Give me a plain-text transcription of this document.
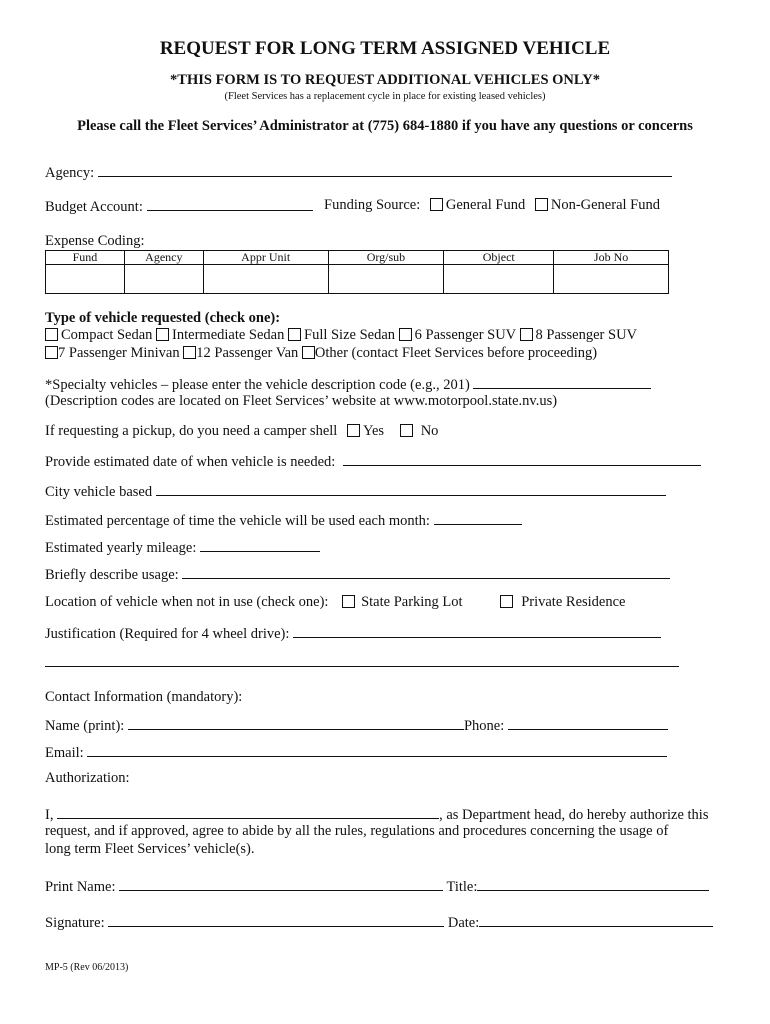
REQUEST FOR LONG TERM ASSIGNED VEHICLE
*THIS FORM IS TO REQUEST ADDITIONAL VEHICLES ONLY*
(Fleet Services has a replacement cycle in place for existing leased vehicles)
Please call the Fleet Services’ Administrator at (775) 684-1880 if you have any questions or concerns
Agency:
Budget Account:	Funding Source: General Fund Non-General Fund
Expense Coding:
Fund	Agency	Appr Unit	Org/sub	Object	Job No

Type of vehicle requested (check one):
Compact Sedan Intermediate Sedan Full Size Sedan 6 Passenger SUV 8 Passenger SUV
7 Passenger Minivan 12 Passenger Van Other (contact Fleet Services before proceeding)
*Specialty vehicles – please enter the vehicle description code (e.g., 201)
(Description codes are located on Fleet Services’ website at www.motorpool.state.nv.us)
If requesting a pickup, do you need a camper shell Yes	No
Provide estimated date of when vehicle is needed:
City vehicle based
Estimated percentage of time the vehicle will be used each month:
Estimated yearly mileage:
Briefly describe usage:
Location of vehicle when not in use (check one): State Parking Lot	Private Residence
Justification (Required for 4 wheel drive):
Contact Information (mandatory):
Name (print):	Phone:
Email:
Authorization:
I,	, as Department head, do hereby authorize this
request, and if approved, agree to abide by all the rules, regulations and procedures concerning the usage of
long term Fleet Services’ vehicle(s).
Print Name:	Title:
Signature:	Date:
MP-5 (Rev 06/2013)
